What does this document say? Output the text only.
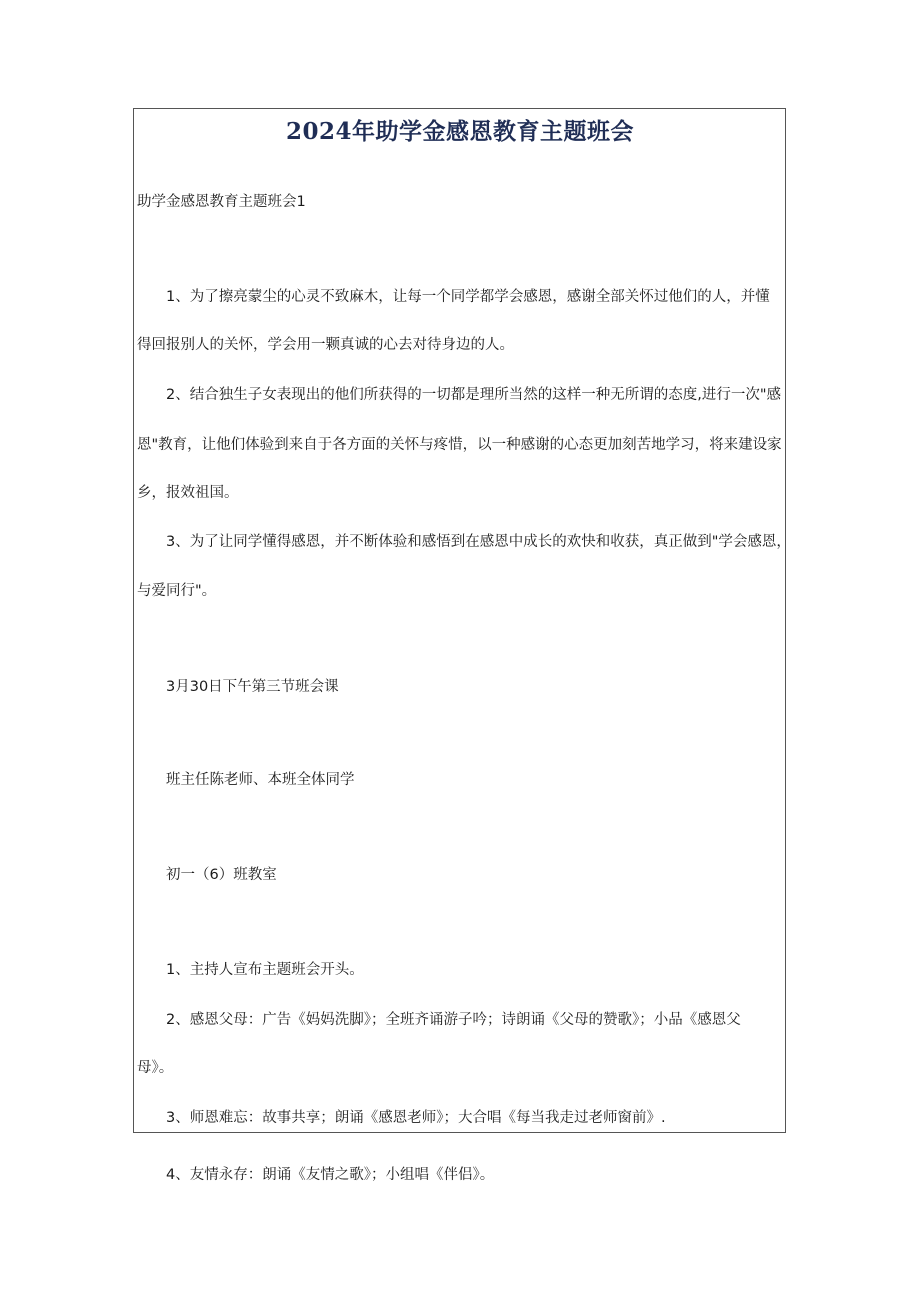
2024年助学金感恩教育主题班会

助学金感恩教育主题班会1

1、为了擦亮蒙尘的心灵不致麻木，让每一个同学都学会感恩，感谢全部关怀过他们的人，并懂

得回报别人的关怀，学会用一颗真诚的心去对待身边的人。

2、结合独生子女表现出的他们所获得的一切都是理所当然的这样一种无所谓的态度,进行一次"感

恩"教育，让他们体验到来自于各方面的关怀与疼惜，以一种感谢的心态更加刻苦地学习，将来建设家

乡，报效祖国。

3、为了让同学懂得感恩，并不断体验和感悟到在感恩中成长的欢快和收获，真正做到"学会感恩，

与爱同行"。

3月30日下午第三节班会课

班主任陈老师、本班全体同学

初一（6）班教室

1、主持人宣布主题班会开头。

2、感恩父母：广告《妈妈洗脚》；全班齐诵游子吟；诗朗诵《父母的赞歌》；小品《感恩父

母》。

3、师恩难忘：故事共享；朗诵《感恩老师》；大合唱《每当我走过老师窗前》.

4、友情永存：朗诵《友情之歌》；小组唱《伴侣》。
